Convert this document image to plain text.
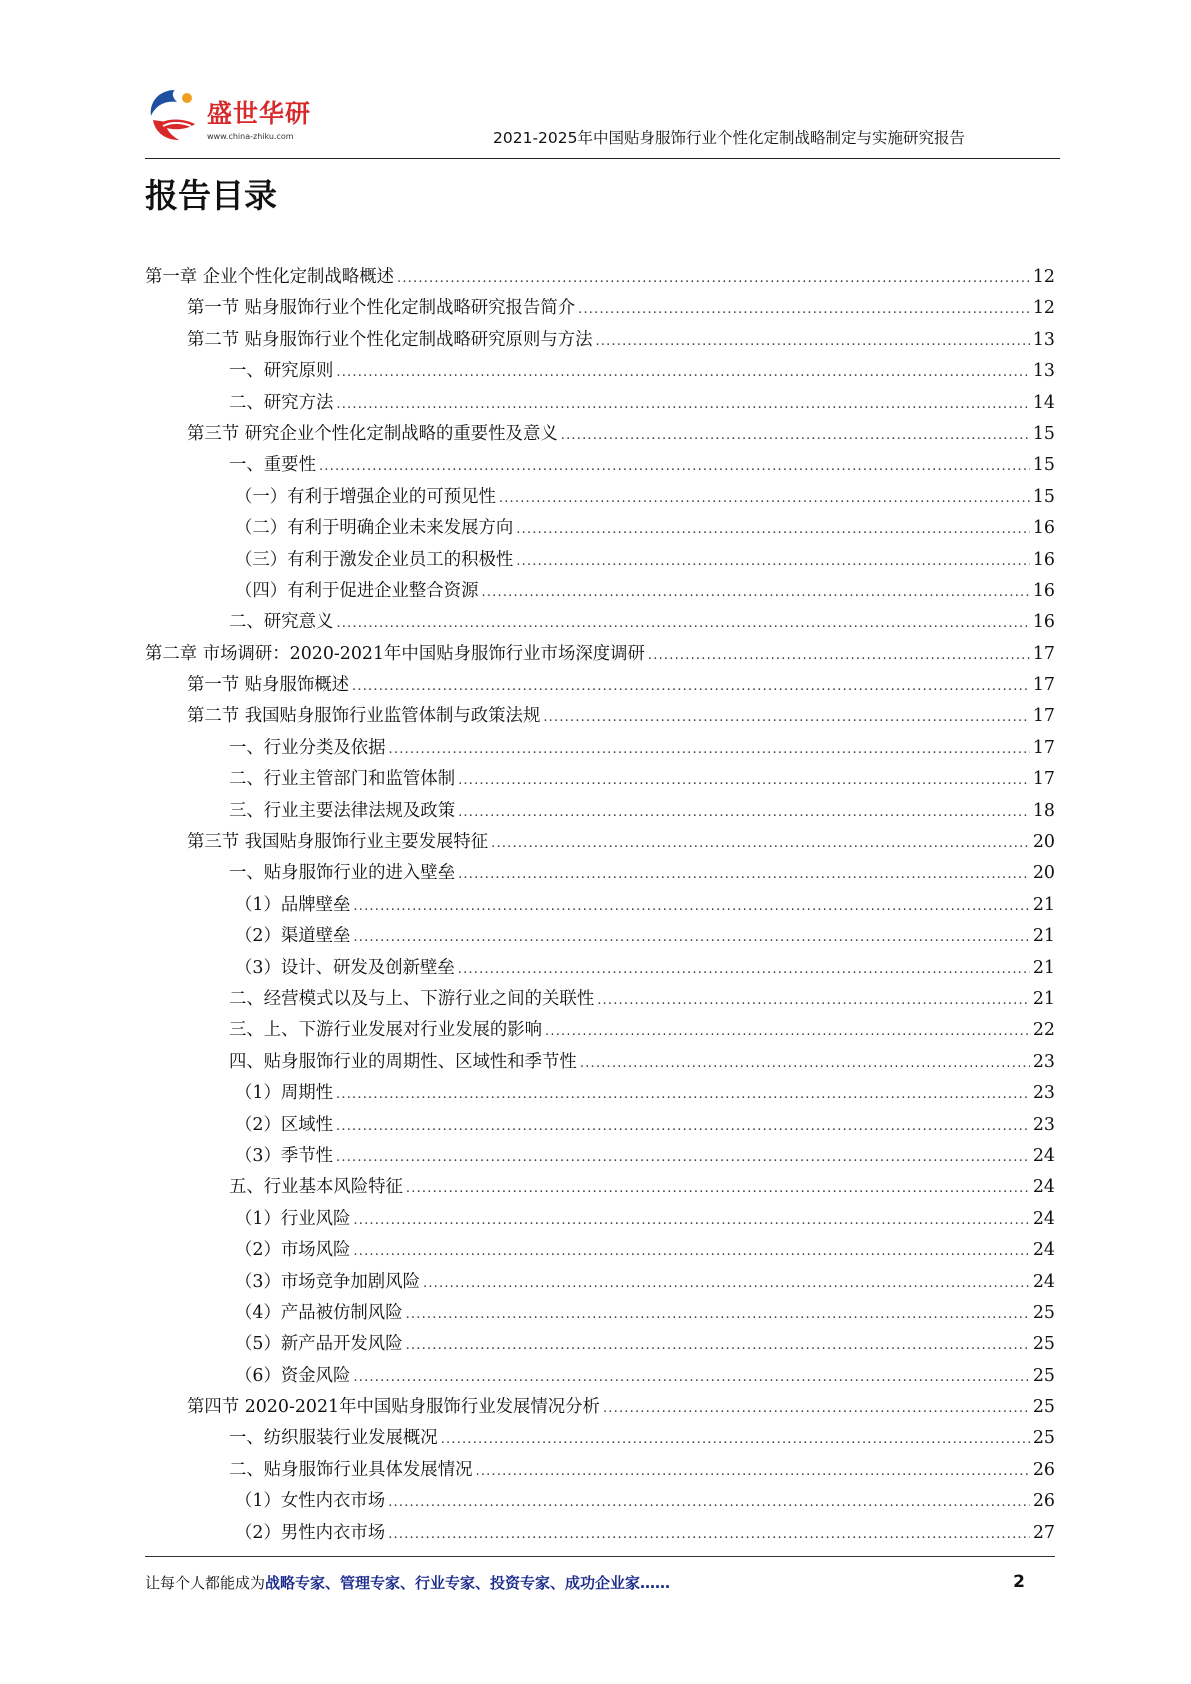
盛世华研
www.china-zhiku.com	2021-2025年中国贴身服饰行业个性化定制战略制定与实施研究报告
报告目录
第一章 企业个性化定制战略概述 .....	12
第一节 贴身服饰行业个性化定制战略研究报告简介 .....	12
第二节 贴身服饰行业个性化定制战略研究原则与方法 .....	13
一、研究原则 .....	13
二、研究方法 .....	14
第三节 研究企业个性化定制战略的重要性及意义 .....	15
一、重要性 .....	15
（一）有利于增强企业的可预见性 .....	15
（二）有利于明确企业未来发展方向 .....	16
（三）有利于激发企业员工的积极性 .....	16
（四）有利于促进企业整合资源 .....	16
二、研究意义 .....	16
第二章 市场调研：2020-2021年中国贴身服饰行业市场深度调研 .....	17
第一节 贴身服饰概述 .....	17
第二节 我国贴身服饰行业监管体制与政策法规 .....	17
一、行业分类及依据 .....	17
二、行业主管部门和监管体制 .....	17
三、行业主要法律法规及政策 .....	18
第三节 我国贴身服饰行业主要发展特征 .....	20
一、贴身服饰行业的进入壁垒 .....	20
（1）品牌壁垒 .....	21
（2）渠道壁垒 .....	21
（3）设计、研发及创新壁垒 .....	21
二、经营模式以及与上、下游行业之间的关联性 .....	21
三、上、下游行业发展对行业发展的影响 .....	22
四、贴身服饰行业的周期性、区域性和季节性 .....	23
（1）周期性 .....	23
（2）区域性 .....	23
（3）季节性 .....	24
五、行业基本风险特征 .....	24
（1）行业风险 .....	24
（2）市场风险 .....	24
（3）市场竞争加剧风险 .....	24
（4）产品被仿制风险 .....	25
（5）新产品开发风险 .....	25
（6）资金风险 .....	25
第四节 2020-2021年中国贴身服饰行业发展情况分析 .....	25
一、纺织服装行业发展概况 .....	25
二、贴身服饰行业具体发展情况 .....	26
（1）女性内衣市场 .....	26
（2）男性内衣市场 .....	27
让每个人都能成为战略专家、管理专家、行业专家、投资专家、成功企业家……	2
